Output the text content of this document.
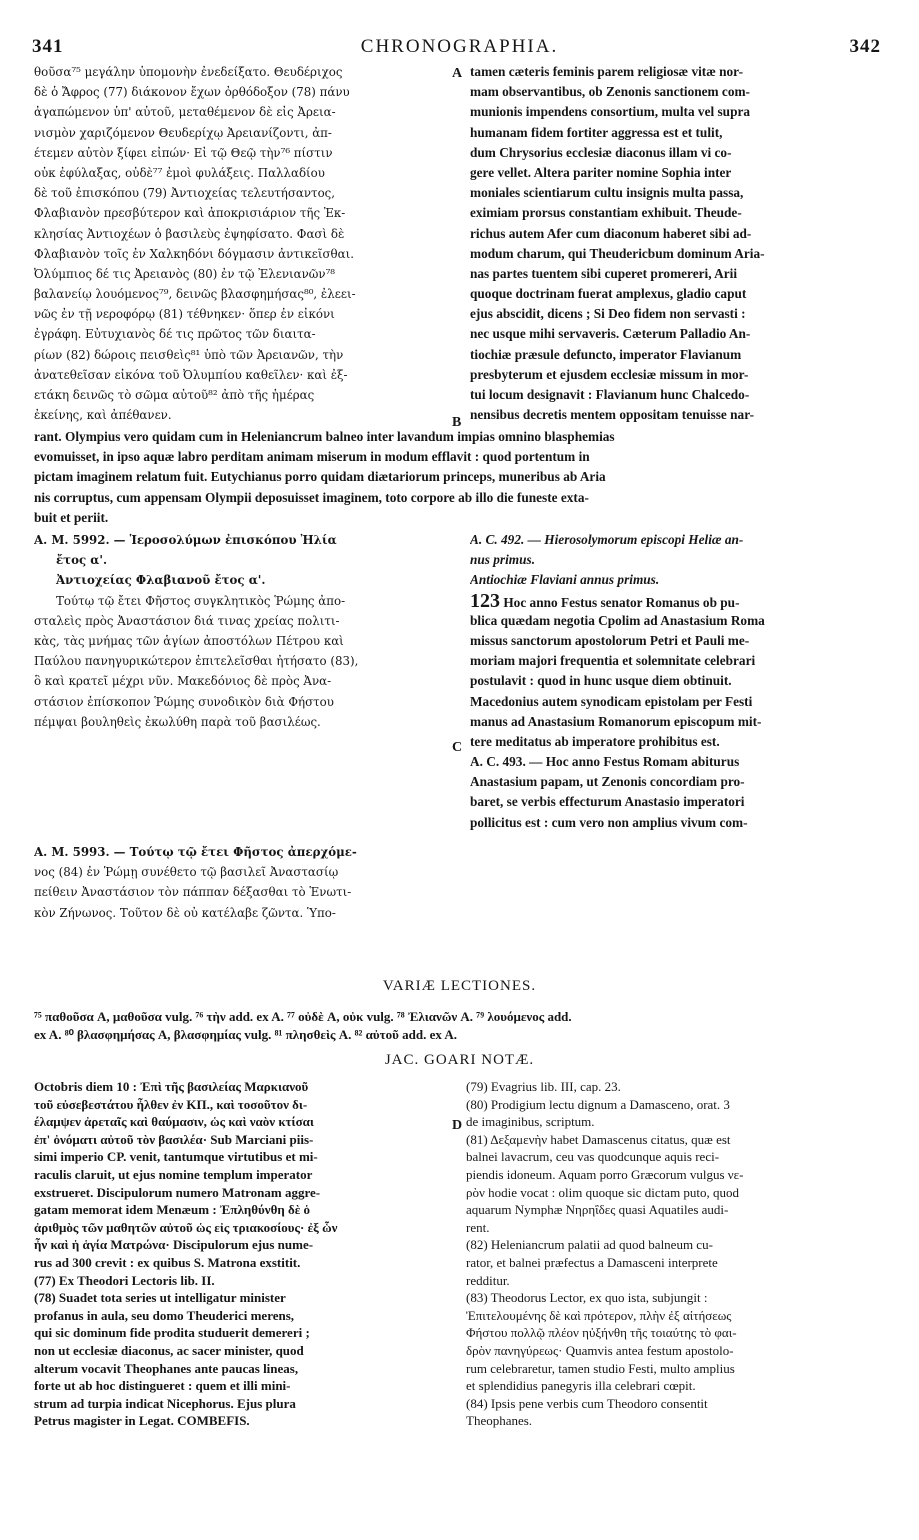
341	CHRONOGRAPHIA.	342
θοῦσα⁷⁵ μεγάλην ὑπομονὴν ἐνεδείξατο. Θευδέριχος
δὲ ὁ Ἄφρος (77) διάκονον ἔχων ὀρθόδοξον (78) πάνυ
ἀγαπώμενον ὑπ' αὐτοῦ, μεταθέμενον δὲ εἰς Ἀρεια-
νισμὸν χαριζόμενον Θευδερίχῳ Ἀρειανίζοντι, ἀπ-
έτεμεν αὐτὸν ξίφει εἰπών· Εἰ τῷ Θεῷ τὴν⁷⁶ πίστιν
οὐκ ἐφύλαξας, οὐδὲ⁷⁷ ἐμοὶ φυλάξεις. Παλλαδίου
δὲ τοῦ ἐπισκόπου (79) Ἀντιοχείας τελευτήσαντος,
Φλαβιανὸν πρεσβύτερον καὶ ἀποκρισιάριον τῆς Ἐκ-
κλησίας Ἀντιοχέων ὁ βασιλεὺς ἐψηφίσατο. Φασὶ δὲ
Φλαβιανὸν τοῖς ἐν Χαλκηδόνι δόγμασιν ἀντικεῖσθαι.
Ὀλύμπιος δέ τις Ἀρειανὸς (80) ἐν τῷ Ἐλενιανῶν⁷⁸
βαλανείῳ λουόμενος⁷⁹, δεινῶς βλασφημήσας⁸⁰, ἐλεει-
νῶς ἐν τῇ νεροφόρῳ (81) τέθνηκεν· ὅπερ ἐν εἰκόνι
ἐγράφη. Εὐτυχιανὸς δέ τις πρῶτος τῶν διαιτα-
ρίων (82) δώροις πεισθεὶς⁸¹ ὑπὸ τῶν Ἀρειανῶν, τὴν
ἀνατεθεῖσαν εἰκόνα τοῦ Ὀλυμπίου καθεῖλεν· καὶ ἐξ-
ετάκη δεινῶς τὸ σῶμα αὐτοῦ⁸² ἀπὸ τῆς ἡμέρας
ἐκείνης, καὶ ἀπέθανεν.
A
B
tamen cæteris feminis parem religiosæ vitæ nor-
mam observantibus, ob Zenonis sanctionem com-
munionis impendens consortium, multa vel supra
humanam fidem fortiter aggressa est et tulit,
dum Chrysorius ecclesiæ diaconus illam vi co-
gere vellet. Altera pariter nomine Sophia inter
moniales scientiarum cultu insignis multa passa,
eximiam prorsus constantiam exhibuit. Theude-
richus autem Afer cum diaconum haberet sibi ad-
modum charum, qui Theudericbum dominum Aria-
nas partes tuentem sibi cuperet promereri, Arii
quoque doctrinam fuerat amplexus, gladio caput
ejus abscidit, dicens ; Si Deo fidem non servasti :
nec usque mihi servaveris. Cæterum Palladio An-
tiochiæ præsule defuncto, imperator Flavianum
presbyterum et ejusdem ecclesiæ missum in mor-
tui locum designavit : Flavianum hunc Chalcedo-
nensibus decretis mentem oppositam tenuisse nar-
rant. Olympius vero quidam cum in Heleniancrum balneo inter lavandum impias omnino blasphemias
evomuisset, in ipso aquæ labro perditam animam miserum in modum efflavit : quod portentum in
pictam imaginem relatum fuit. Eutychianus porro quidam diætariorum princeps, muneribus ab Aria
nis corruptus, cum appensam Olympii deposuisset imaginem, toto corpore ab illo die funeste exta-
buit et periit.
A. M. 5992. — Ἱεροσολύμων ἐπισκόπου Ἠλία
ἔτος α'.
Ἀντιοχείας Φλαβιανοῦ ἔτος α'.
Τούτῳ τῷ ἔτει Φῆστος συγκλητικὸς Ῥώμης ἀπο-
σταλεὶς πρὸς Ἀναστάσιον διά τινας χρείας πολιτι-
κὰς, τὰς μνήμας τῶν ἁγίων ἀποστόλων Πέτρου καὶ
Παύλου πανηγυρικώτερον ἐπιτελεῖσθαι ἠτήσατο (83),
ὃ καὶ κρατεῖ μέχρι νῦν. Μακεδόνιος δὲ πρὸς Ἀνα-
στάσιον ἐπίσκοπον Ῥώμης συνοδικὸν διὰ Φήστου
πέμψαι βουληθεὶς ἐκωλύθη παρὰ τοῦ βασιλέως.
A. M. 5993. — Τούτῳ τῷ ἔτει Φῆστος ἀπερχόμε-
νος (84) ἐν Ῥώμῃ συνέθετο τῷ βασιλεῖ Ἀναστασίῳ
πείθειν Ἀναστάσιον τὸν πάππαν δέξασθαι τὸ Ἑνωτι-
κὸν Ζήνωνος. Τοῦτον δὲ οὐ κατέλαβε ζῶντα. Ὑπο-
C
A. C. 492. — Hierosolymorum episcopi Heliæ an-
nus primus.
Antiochiæ Flaviani annus primus.
123 Hoc anno Festus senator Romanus ob pu-
blica quædam negotia Cpolim ad Anastasium Roma
missus sanctorum apostolorum Petri et Pauli me-
moriam majori frequentia et solemnitate celebrari
postulavit : quod in hunc usque diem obtinuit.
Macedonius autem synodicam epistolam per Festi
manus ad Anastasium Romanorum episcopum mit-
tere meditatus ab imperatore prohibitus est.
A. C. 493. — Hoc anno Festus Romam abiturus
Anastasium papam, ut Zenonis concordiam pro-
baret, se verbis effecturum Anastasio imperatori
pollicitus est : cum vero non amplius vivum com-
VARIÆ LECTIONES.
⁷⁵ παθοῦσα A, μαθοῦσα vulg. ⁷⁶ τὴν add. ex A. ⁷⁷ οὐδὲ A, οὐκ vulg. ⁷⁸ Ἐλιανῶν A. ⁷⁹ λουόμενος add.
ex A. ⁸⁰ βλασφημήσας A, βλασφημίας vulg. ⁸¹ πλησθεὶς A. ⁸² αὐτοῦ add. ex A.
JAC. GOARI NOTÆ.
Octobris diem 10 : Ἐπὶ τῆς βασιλείας Μαρκιανοῦ
τοῦ εὐσεβεστάτου ἦλθεν ἐν ΚΠ., καὶ τοσοῦτον δι-
έλαμψεν ἀρεταῖς καὶ θαύμασιν, ὡς καὶ ναὸν κτίσαι
ἐπ' ὀνόματι αὐτοῦ τὸν βασιλέα· Sub Marciani piis-
simi imperio CP. venit, tantumque virtutibus et mi-
raculis claruit, ut ejus nomine templum imperator
exstrueret. Discipulorum numero Matronam aggre-
gatam memorat idem Menæum : Ἐπληθύνθη δὲ ὁ
ἀριθμὸς τῶν μαθητῶν αὐτοῦ ὡς εἰς τριακοσίους· ἐξ ὧν
ἦν καὶ ἡ ἁγία Ματρώνα· Discipulorum ejus nume-
rus ad 300 crevit : ex quibus S. Matrona exstitit.
(77) Ex Theodori Lectoris lib. II.
(78) Suadet tota series ut intelligatur minister
profanus in aula, seu domo Theuderici merens,
qui sic dominum fide prodita studuerit demereri ;
non ut ecclesiæ diaconus, ac sacer minister, quod
alterum vocavit Theophanes ante paucas lineas,
forte ut ab hoc distingueret : quem et illi mini-
strum ad turpia indicat Nicephorus. Ejus plura
Petrus magister in Legat. COMBEFIS.
D
(79) Evagrius lib. III, cap. 23.
(80) Prodigium lectu dignum a Damasceno, orat. 3
de imaginibus, scriptum.
(81) Δεξαμενὴν habet Damascenus citatus, quæ est
balnei lavacrum, ceu vas quodcunque aquis reci-
piendis idoneum. Aquam porro Græcorum vulgus νε-
ρὸν hodie vocat : olim quoque sic dictam puto, quod
aquarum Nymphæ Νηρηΐδες quasi Aquatiles audi-
rent.
(82) Heleniancrum palatii ad quod balneum cu-
rator, et balnei præfectus a Damasceni interprete
redditur.
(83) Theodorus Lector, ex quo ista, subjungit :
Ἐπιτελουμένης δὲ καὶ πρότερον, πλὴν ἐξ αἰτήσεως
Φήστου πολλῷ πλέον ηὐξήνθη τῆς τοιαύτης τὸ φαι-
δρὸν πανηγύρεως· Quamvis antea festum apostolo-
rum celebraretur, tamen studio Festi, multo amplius
et splendidius panegyris illa celebrari cœpit.
(84) Ipsis pene verbis cum Theodoro consentit
Theophanes.
